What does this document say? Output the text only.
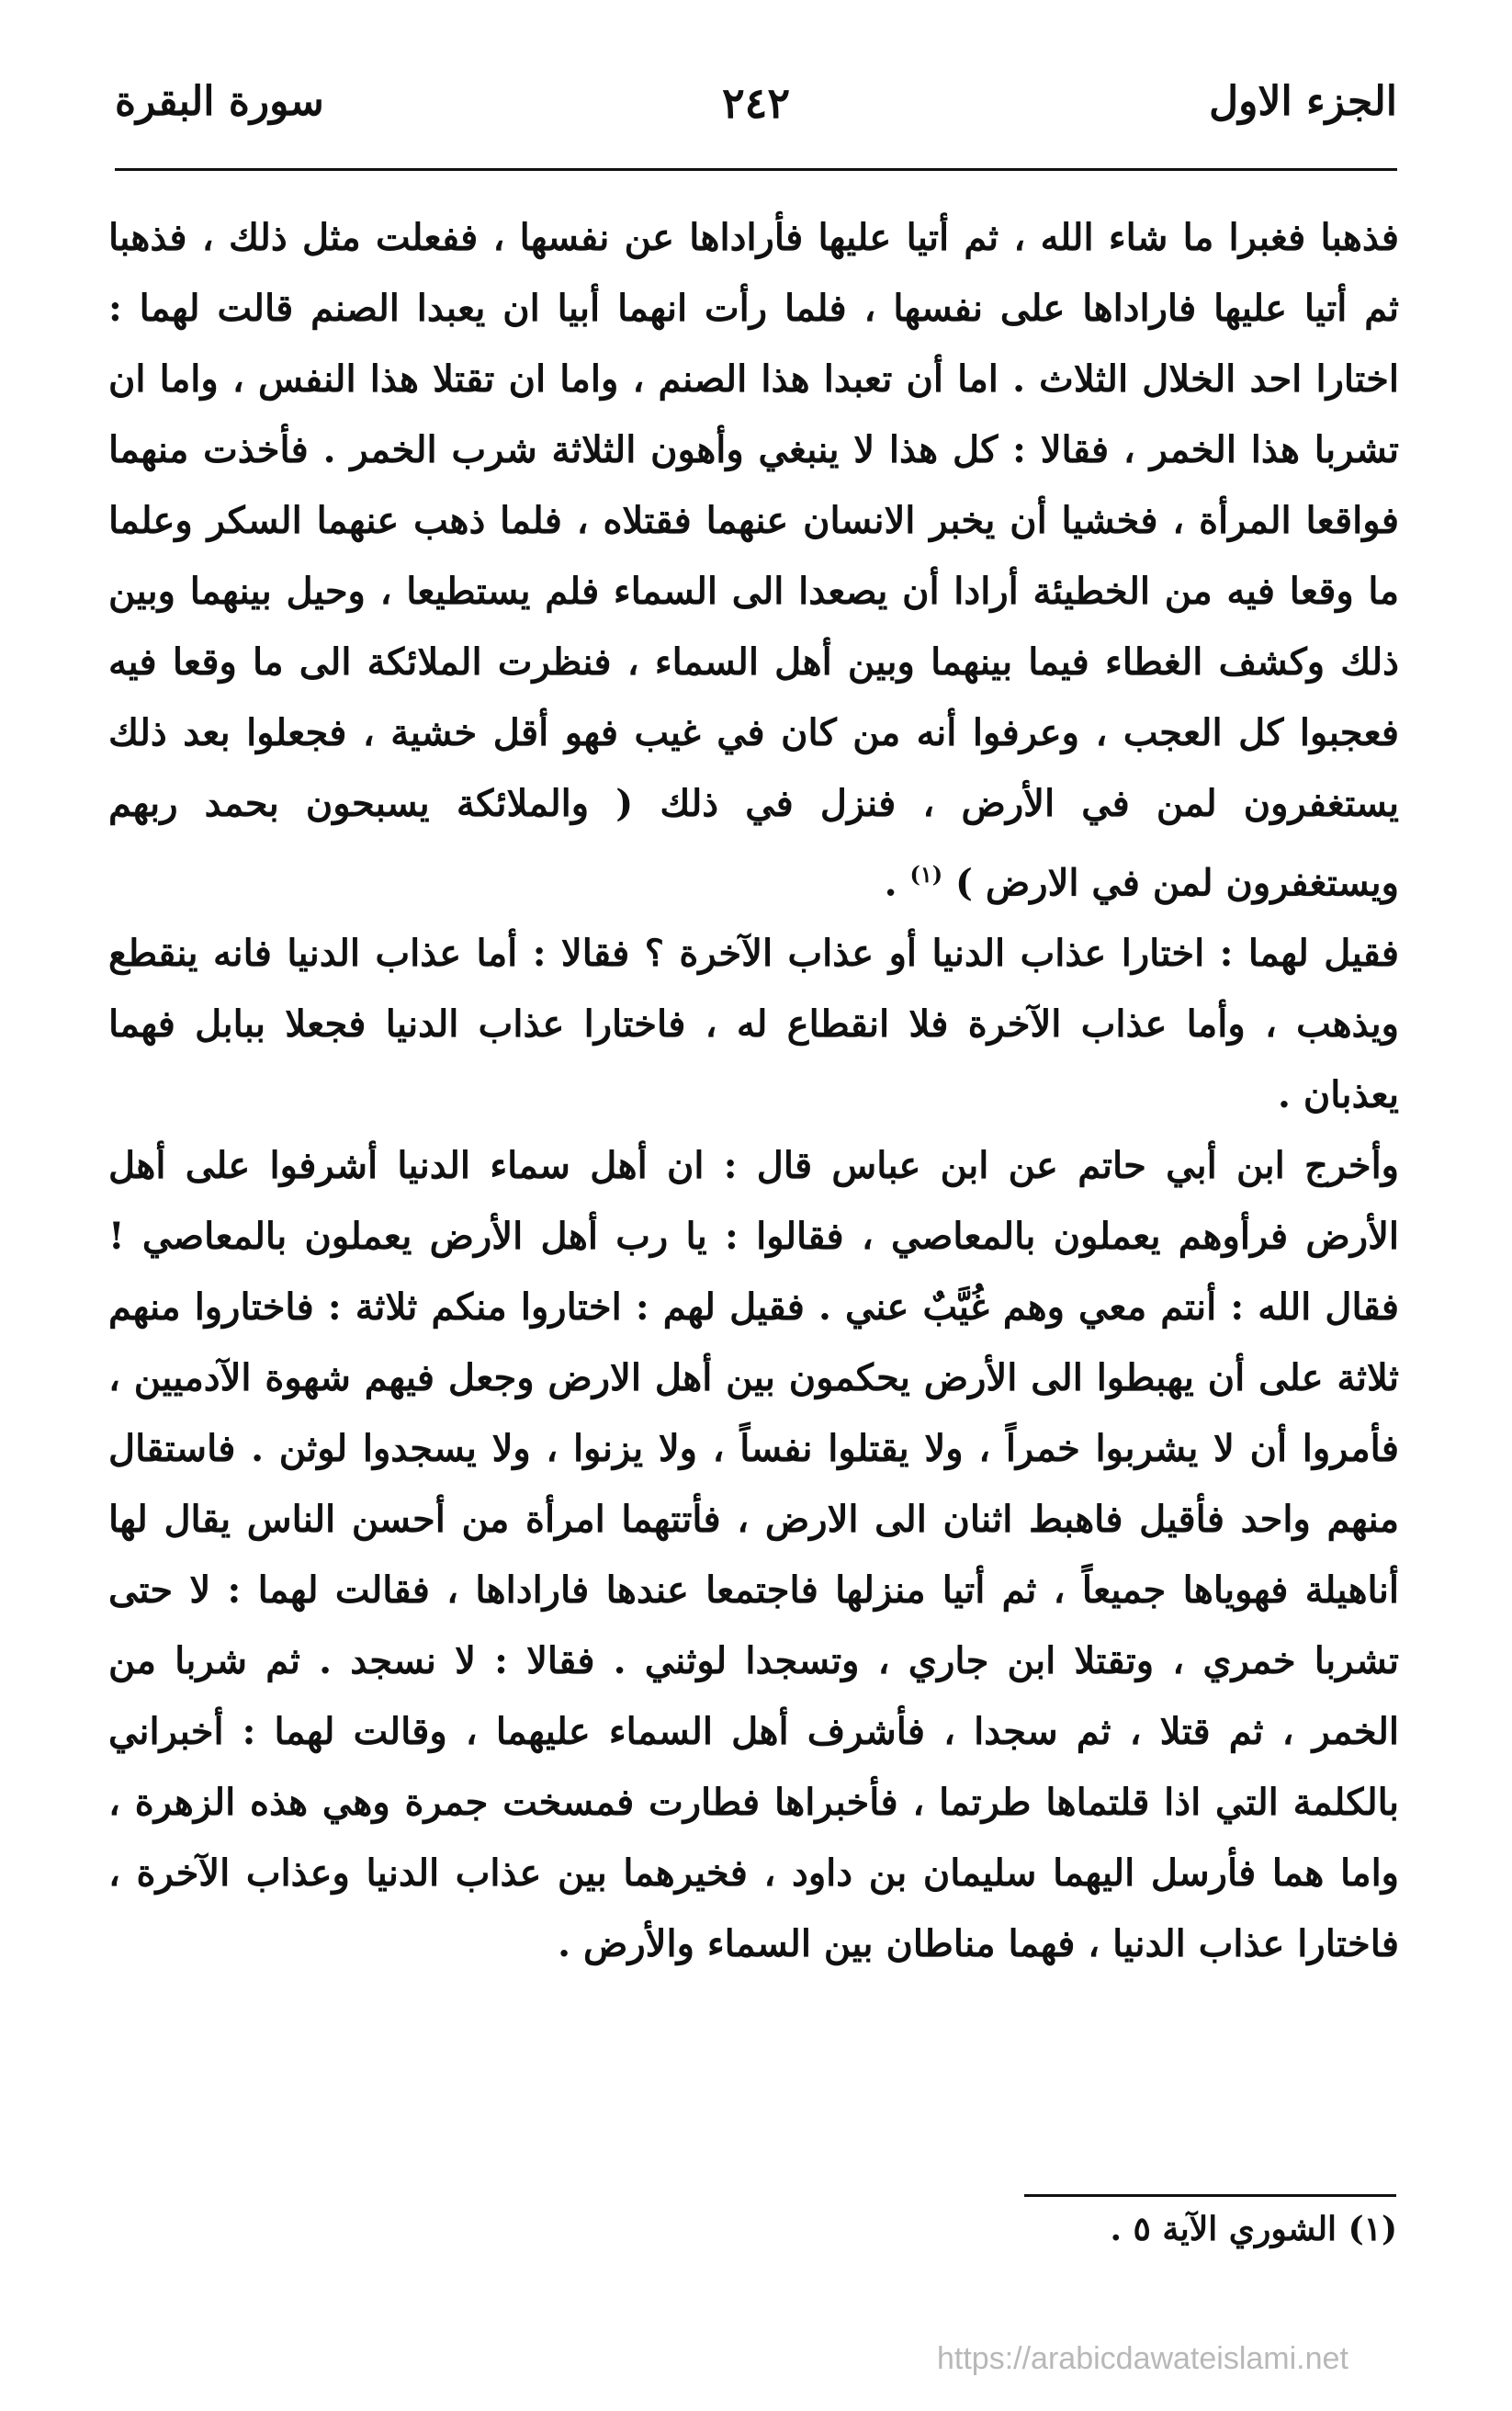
الجزء الاول
٢٤٢
سورة البقرة

فذهبا فغبرا ما شاء الله ، ثم أتيا عليها فأراداها عن نفسها ، ففعلت مثل ذلك ، فذهبا ثم أتيا عليها فاراداها على نفسها ، فلما رأت انهما أبيا ان يعبدا الصنم قالت لهما : اختارا احد الخلال الثلاث . اما أن تعبدا هذا الصنم ، واما ان تقتلا هذا النفس ، واما ان تشربا هذا الخمر ، فقالا : كل هذا لا ينبغي وأهون الثلاثة شرب الخمر . فأخذت منهما فواقعا المرأة ، فخشيا أن يخبر الانسان عنهما فقتلاه ، فلما ذهب عنهما السكر وعلما ما وقعا فيه من الخطيئة أرادا أن يصعدا الى السماء فلم يستطيعا ، وحيل بينهما وبين ذلك وكشف الغطاء فيما بينهما وبين أهل السماء ، فنظرت الملائكة الى ما وقعا فيه فعجبوا كل العجب ، وعرفوا أنه من كان في غيب فهو أقل خشية ، فجعلوا بعد ذلك يستغفرون لمن في الأرض ، فنزل في ذلك ( والملائكة يسبحون بحمد ربهم ويستغفرون لمن في الارض ) $^{(١)}$ .

فقيل لهما : اختارا عذاب الدنيا أو عذاب الآخرة ؟ فقالا : أما عذاب الدنيا فانه ينقطع ويذهب ، وأما عذاب الآخرة فلا انقطاع له ، فاختارا عذاب الدنيا فجعلا ببابل فهما يعذبان .

وأخرج ابن أبي حاتم عن ابن عباس قال : ان أهل سماء الدنيا أشرفوا على أهل الأرض فرأوهم يعملون بالمعاصي ، فقالوا : يا رب أهل الأرض يعملون بالمعاصي ! فقال الله : أنتم معي وهم غُيَّبٌ عني . فقيل لهم : اختاروا منكم ثلاثة : فاختاروا منهم ثلاثة على أن يهبطوا الى الأرض يحكمون بين أهل الارض وجعل فيهم شهوة الآدميين ، فأمروا أن لا يشربوا خمراً ، ولا يقتلوا نفساً ، ولا يزنوا ، ولا يسجدوا لوثن . فاستقال منهم واحد فأقيل فاهبط اثنان الى الارض ، فأتتهما امرأة من أحسن الناس يقال لها أناهيلة فهوياها جميعاً ، ثم أتيا منزلها فاجتمعا عندها فاراداها ، فقالت لهما : لا حتى تشربا خمري ، وتقتلا ابن جاري ، وتسجدا لوثني . فقالا : لا نسجد . ثم شربا من الخمر ، ثم قتلا ، ثم سجدا ، فأشرف أهل السماء عليهما ، وقالت لهما : أخبراني بالكلمة التي اذا قلتماها طرتما ، فأخبراها فطارت فمسخت جمرة وهي هذه الزهرة ، واما هما فأرسل اليهما سليمان بن داود ، فخيرهما بين عذاب الدنيا وعذاب الآخرة ، فاختارا عذاب الدنيا ، فهما مناطان بين السماء والأرض .

(١) الشوري الآية ٥ .
https://arabicdawateislami.net
